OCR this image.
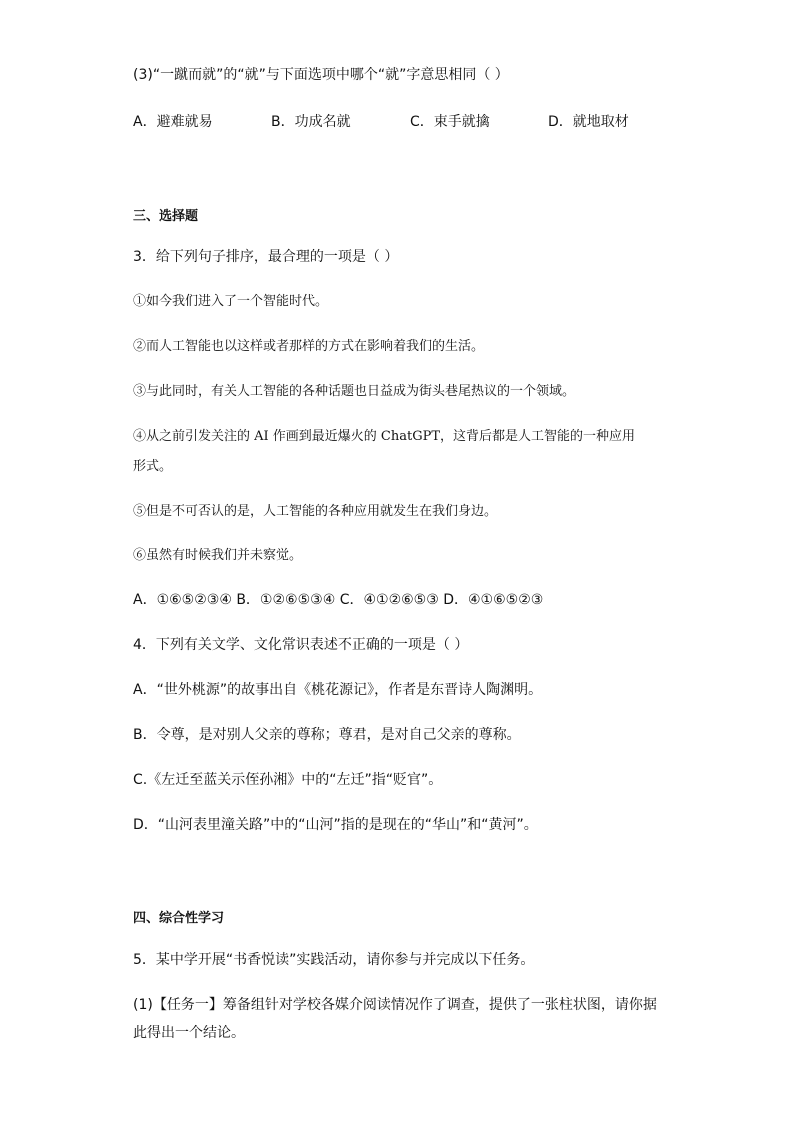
(3)“一蹴而就”的“就”与下面选项中哪个“就”字意思相同（ ）
A．避难就易	B．功成名就	C．束手就擒	D．就地取材
三、选择题
3．给下列句子排序，最合理的一项是（ ）
①如今我们进入了一个智能时代。
②而人工智能也以这样或者那样的方式在影响着我们的生活。
③与此同时，有关人工智能的各种话题也日益成为街头巷尾热议的一个领域。
④从之前引发关注的 AI 作画到最近爆火的 ChatGPT，这背后都是人工智能的一种应用
形式。
⑤但是不可否认的是，人工智能的各种应用就发生在我们身边。
⑥虽然有时候我们并未察觉。
A．①⑥⑤②③④ B．①②⑥⑤③④ C．④①②⑥⑤③ D．④①⑥⑤②③
4．下列有关文学、文化常识表述不正确的一项是（ ）
A．“世外桃源”的故事出自《桃花源记》，作者是东晋诗人陶渊明。
B．令尊，是对别人父亲的尊称；尊君，是对自己父亲的尊称。
C.《左迁至蓝关示侄孙湘》中的“左迁”指“贬官”。
D．“山河表里潼关路”中的“山河”指的是现在的“华山”和“黄河”。
四、综合性学习
5．某中学开展“书香悦读”实践活动，请你参与并完成以下任务。
(1)【任务一】筹备组针对学校各媒介阅读情况作了调查，提供了一张柱状图，请你据此得出一个结论。
